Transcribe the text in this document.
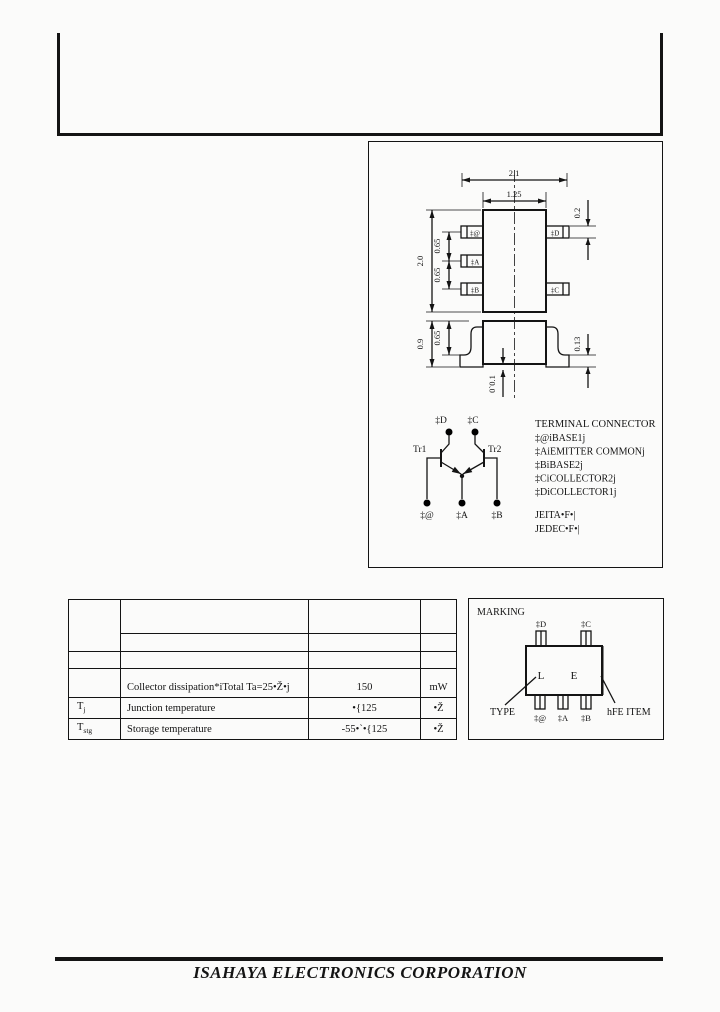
‡@
‡A
‡B
‡D
‡C
2.1
1.25
2.0
0.65
0.65
0.2
0.9 0.65	0.13
0`0.1
‡D ‡C
Tr1	Tr2
‡@ ‡A ‡B
TERMINAL CONNECTOR
‡@iBASE1j
‡AiEMITTER COMMONj
‡BiBASE2j
‡CiCOLLECTOR2j
‡DiCOLLECTOR1j
JEITA•F•|
JEDEC•F•|

	Collector dissipation*iTotal Ta=25•Ž•j	150	mW
$T_j$	Junction temperature	•{125	•Ž
$T_{stg}$	Storage temperature	-55•`•{125	•Ž
MARKING
‡D	‡C
‡@ ‡A ‡B
L E
TYPE	hFE ITEM
ISAHAYA ELECTRONICS CORPORATION
